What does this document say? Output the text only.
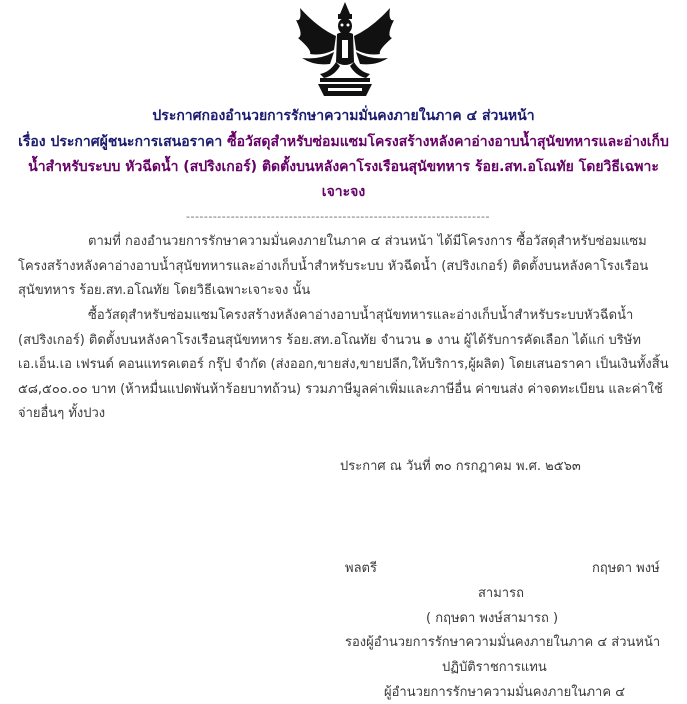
ประกาศกองอำนวยการรักษาความมั่นคงภายในภาค ๔ ส่วนหน้า
เรื่อง ประกาศผู้ชนะการเสนอราคา ซื้อวัสดุสำหรับซ่อมแซมโครงสร้างหลังคาอ่างอาบน้ำสุนัขทหารและอ่างเก็บน้ำสำหรับระบบ หัวฉีดน้ำ (สปริงเกอร์) ติดตั้งบนหลังคาโรงเรือนสุนัขทหาร ร้อย.สท.อโณทัย โดยวิธีเฉพาะเจาะจง
--------------------------------------------------------------------
ตามที่ กองอำนวยการรักษาความมั่นคงภายในภาค ๔ ส่วนหน้า ได้มีโครงการ ซื้อวัสดุสำหรับซ่อมแซมโครงสร้างหลังคาอ่างอาบน้ำสุนัขทหารและอ่างเก็บน้ำสำหรับระบบ หัวฉีดน้ำ (สปริงเกอร์) ติดตั้งบนหลังคาโรงเรือนสุนัขทหาร ร้อย.สท.อโณทัย โดยวิธีเฉพาะเจาะจง นั้น
ซื้อวัสดุสำหรับซ่อมแซมโครงสร้างหลังคาอ่างอาบน้ำสุนัขทหารและอ่างเก็บน้ำสำหรับระบบหัวฉีดน้ำ (สปริงเกอร์) ติดตั้งบนหลังคาโรงเรือนสุนัขทหาร ร้อย.สท.อโณทัย จำนวน ๑ งาน ผู้ได้รับการคัดเลือก ได้แก่ บริษัท เอ.เอ็น.เอ เฟรนด์ คอนแทรคเตอร์ กรุ๊ป จำกัด (ส่งออก,ขายส่ง,ขายปลีก,ให้บริการ,ผู้ผลิต) โดยเสนอราคา เป็นเงินทั้งสิ้น ๕๘,๕๐๐.๐๐ บาท (ห้าหมื่นแปดพันห้าร้อยบาทถ้วน) รวมภาษีมูลค่าเพิ่มและภาษีอื่น ค่าขนส่ง ค่าจดทะเบียน และค่าใช้จ่ายอื่นๆ ทั้งปวง
ประกาศ ณ วันที่ ๓๐ กรกฎาคม พ.ศ. ๒๕๖๓
พลตรี	กฤษดา พงษ์
สามารถ
( กฤษดา พงษ์สามารถ )
รองผู้อำนวยการรักษาความมั่นคงภายในภาค ๔ ส่วนหน้า
ปฏิบัติราชการแทน
ผู้อำนวยการรักษาความมั่นคงภายในภาค ๔
